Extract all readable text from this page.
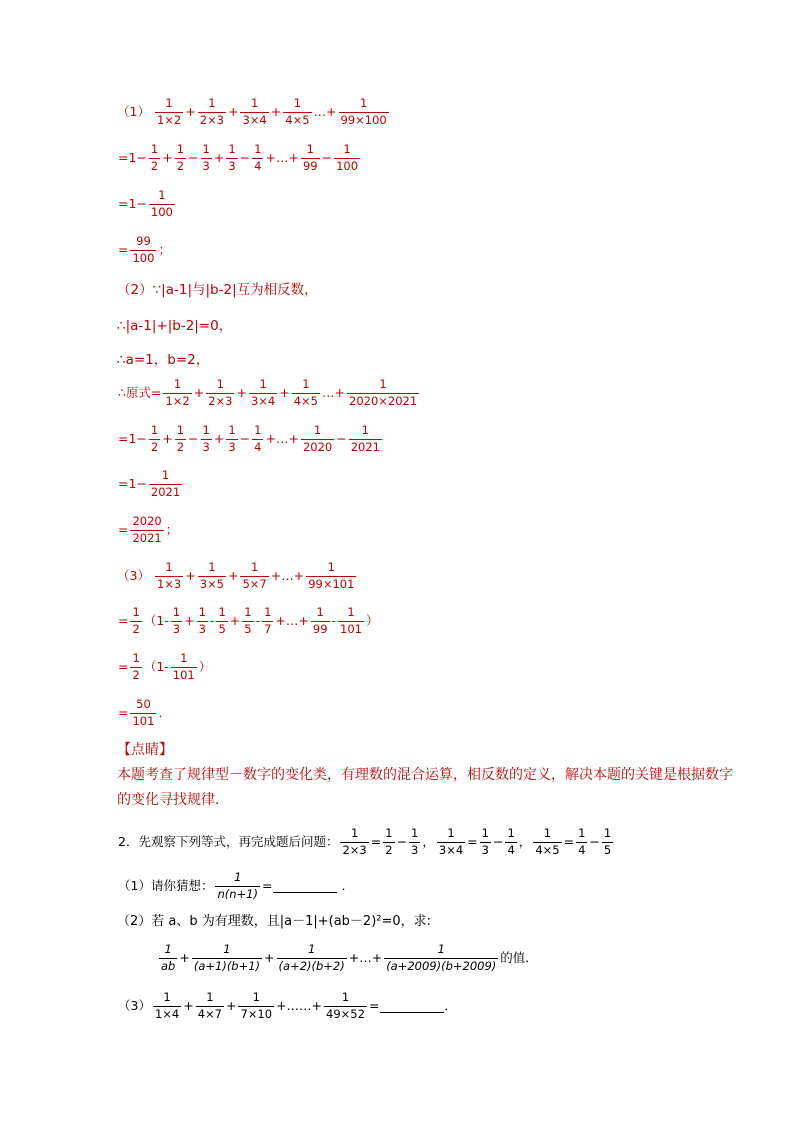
$(1) \frac{1}{1\times 2} + \frac{1}{2\times 3} + \frac{1}{3\times 4} + \frac{1}{4\times 5}$ …+ $\frac{1}{99\times 100}$
$=1- \frac{1}{2} + \frac{1}{2} - \frac{1}{3} + \frac{1}{3} - \frac{1}{4}$ +…+ $\frac{1}{99} - \frac{1}{100}$
$=1- \frac{1}{100}$
= $\frac{99}{100}$ ；
（2）∵|a-1|与|b-2|互为相反数，
∴|a-1|+|b-2|=0，
∴a=1，b=2，
∴原式= $\frac{1}{1\times 2} + \frac{1}{2\times 3} + \frac{1}{3\times 4} + \frac{1}{4\times 5}$ …+ $\frac{1}{2020\times 2021}$
$=1- \frac{1}{2} + \frac{1}{2} - \frac{1}{3} + \frac{1}{3} - \frac{1}{4}$ +…+ $\frac{1}{2020} - \frac{1}{2021}$
$=1- \frac{1}{2021}$
= $\frac{2020}{2021}$ ；
$(3) \frac{1}{1\times 3} + \frac{1}{3\times 5} + \frac{1}{5\times 7}$ +…+ $\frac{1}{99\times 101}$
= $\frac{1}{2} (1- \frac{1}{3} + \frac{1}{3} - \frac{1}{5} + \frac{1}{5} - \frac{1}{7}$ +…+ $\frac{1}{99} - \frac{1}{101}$ ）
= $\frac{1}{2} (1- \frac{1}{101}$ ）
= $\frac{50}{101}$ ．
【点睛】
本题考查了规律型－数字的变化类，有理数的混合运算，相反数的定义，解决本题的关键是根据数字的变化寻找规律．
2．先观察下列等式，再完成题后问题： $\frac{1}{2\times 3} = \frac{1}{2} - \frac{1}{3}$ ， $\frac{1}{3\times 4} = \frac{1}{3} - \frac{1}{4}$ ， $\frac{1}{4\times 5} = \frac{1}{4} - \frac{1}{5}$
（1）请你猜想： $\frac{1}{n(n+1)}$ =	．
（2）若 a、b 为有理数，且|a－1|+(ab－2)²=0，求:
$\frac{1}{ab} + \frac{1}{(a+1)(b+1)} + \frac{1}{(a+2)(b+2)}$ +…+ $\frac{1}{(a+2009)(b+2009)}$ 的值．
$(3) \frac{1}{1\times 4} + \frac{1}{4\times 7} + \frac{1}{7\times 10}$ +……+ $\frac{1}{49\times 52}$ =	．
